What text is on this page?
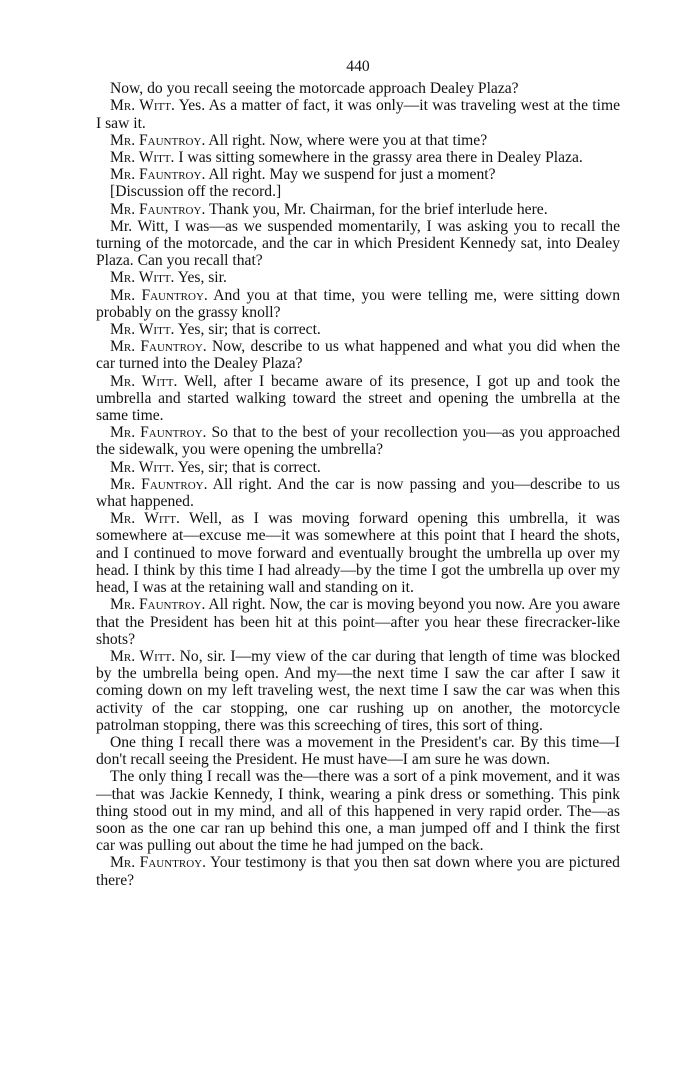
440

Now, do you recall seeing the motorcade approach Dealey Plaza?

Mr. Witt. Yes. As a matter of fact, it was only—it was traveling west at the time I saw it.

Mr. Fauntroy. All right. Now, where were you at that time?

Mr. Witt. I was sitting somewhere in the grassy area there in Dealey Plaza.

Mr. Fauntroy. All right. May we suspend for just a moment?

[Discussion off the record.]

Mr. Fauntroy. Thank you, Mr. Chairman, for the brief interlude here.

Mr. Witt, I was—as we suspended momentarily, I was asking you to recall the turning of the motorcade, and the car in which President Kennedy sat, into Dealey Plaza. Can you recall that?

Mr. Witt. Yes, sir.

Mr. Fauntroy. And you at that time, you were telling me, were sitting down probably on the grassy knoll?

Mr. Witt. Yes, sir; that is correct.

Mr. Fauntroy. Now, describe to us what happened and what you did when the car turned into the Dealey Plaza?

Mr. Witt. Well, after I became aware of its presence, I got up and took the umbrella and started walking toward the street and opening the umbrella at the same time.

Mr. Fauntroy. So that to the best of your recollection you—as you approached the sidewalk, you were opening the umbrella?

Mr. Witt. Yes, sir; that is correct.

Mr. Fauntroy. All right. And the car is now passing and you—describe to us what happened.

Mr. Witt. Well, as I was moving forward opening this umbrella, it was somewhere at—excuse me—it was somewhere at this point that I heard the shots, and I continued to move forward and eventually brought the umbrella up over my head. I think by this time I had already—by the time I got the umbrella up over my head, I was at the retaining wall and standing on it.

Mr. Fauntroy. All right. Now, the car is moving beyond you now. Are you aware that the President has been hit at this point—after you hear these firecracker-like shots?

Mr. Witt. No, sir. I—my view of the car during that length of time was blocked by the umbrella being open. And my—the next time I saw the car after I saw it coming down on my left traveling west, the next time I saw the car was when this activity of the car stopping, one car rushing up on another, the motorcycle patrolman stopping, there was this screeching of tires, this sort of thing.

One thing I recall there was a movement in the President's car. By this time—I don't recall seeing the President. He must have—I am sure he was down.

The only thing I recall was the—there was a sort of a pink movement, and it was—that was Jackie Kennedy, I think, wearing a pink dress or something. This pink thing stood out in my mind, and all of this happened in very rapid order. The—as soon as the one car ran up behind this one, a man jumped off and I think the first car was pulling out about the time he had jumped on the back.

Mr. Fauntroy. Your testimony is that you then sat down where you are pictured there?
